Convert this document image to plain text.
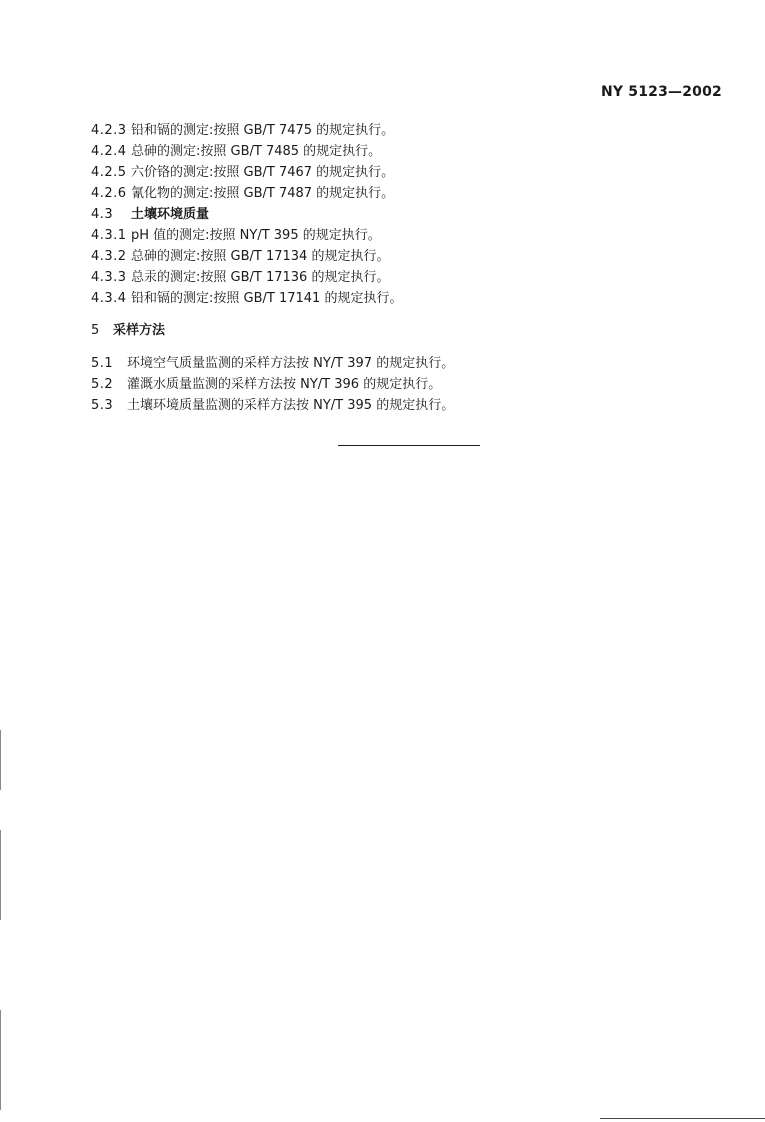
NY 5123—2002
4.2.3 铅和镉的测定:按照 GB/T 7475 的规定执行。
4.2.4 总砷的测定:按照 GB/T 7485 的规定执行。
4.2.5 六价铬的测定:按照 GB/T 7467 的规定执行。
4.2.6 氰化物的测定:按照 GB/T 7487 的规定执行。
4.3 土壤环境质量
4.3.1 pH 值的测定:按照 NY/T 395 的规定执行。
4.3.2 总砷的测定:按照 GB/T 17134 的规定执行。
4.3.3 总汞的测定:按照 GB/T 17136 的规定执行。
4.3.4 铅和镉的测定:按照 GB/T 17141 的规定执行。
5 采样方法
5.1 环境空气质量监测的采样方法按 NY/T 397 的规定执行。
5.2 灌溉水质量监测的采样方法按 NY/T 396 的规定执行。
5.3 土壤环境质量监测的采样方法按 NY/T 395 的规定执行。
